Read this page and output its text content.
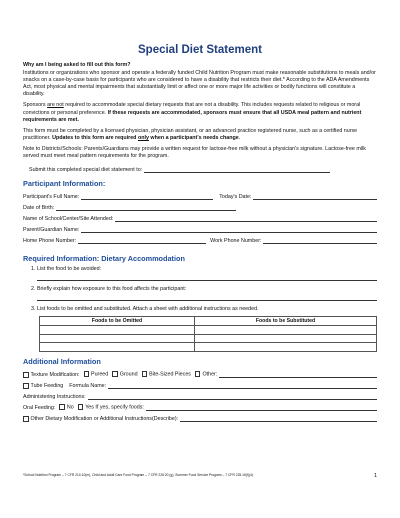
Special Diet Statement
Why am I being asked to fill out this form?
Institutions or organizations who sponsor and operate a federally funded Child Nutrition Program must make reasonable substitutions to meals and/or snacks on a case-by-case basis for participants who are considered to have a disability that restricts their diet.* According to the ADA Amendments Act, most physical and mental impairments that substantially limit or affect one or more major life activities or bodily functions will constitute a disability.
Sponsors are not required to accommodate special dietary requests that are not a disability. This includes requests related to religious or moral convictions or personal preference. If these requests are accommodated, sponsors must ensure that all USDA meal pattern and nutrient requirements are met.
This form must be completed by a licensed physician, physician assistant, or an advanced practice registered nurse, such as a certified nurse practitioner. Updates to this form are required only when a participant's needs change.
Note to Districts/Schools: Parents/Guardians may provide a written request for lactose-free milk without a physician's signature. Lactose-free milk served must meet meal pattern requirements for the program.
Submit this completed special diet statement to:
Participant Information:
Participant's Full Name:	Today's Date:
Date of Birth:
Name of School/Center/Site Attended:
Parent/Guardian Name:
Home Phone Number:	Work Phone Number:
Required Information: Dietary Accommodation
1. List the food to be avoided:
2. Briefly explain how exposure to this food affects the participant:
3. List foods to be omitted and substituted. Attach a sheet with additional instructions as needed.
Foods to be Omitted	Foods to be Substituted

Additional Information
Texture Modification:	Pureed	Ground	Bite-Sized Pieces	Other:
Tube Feeding Formula Name:
Administering Instructions:
Oral Feeding:	No	Yes If yes, specify foods:
Other Dietary Modification or Additional Instructions(Describe):
*School Nutrition Program – 7 CFR 210.10(m), Child and Adult Care Food Program – 7 CFR 226.20 (g), Summer Food Service Program – 7 CFR 225.16(f)(4).	1
